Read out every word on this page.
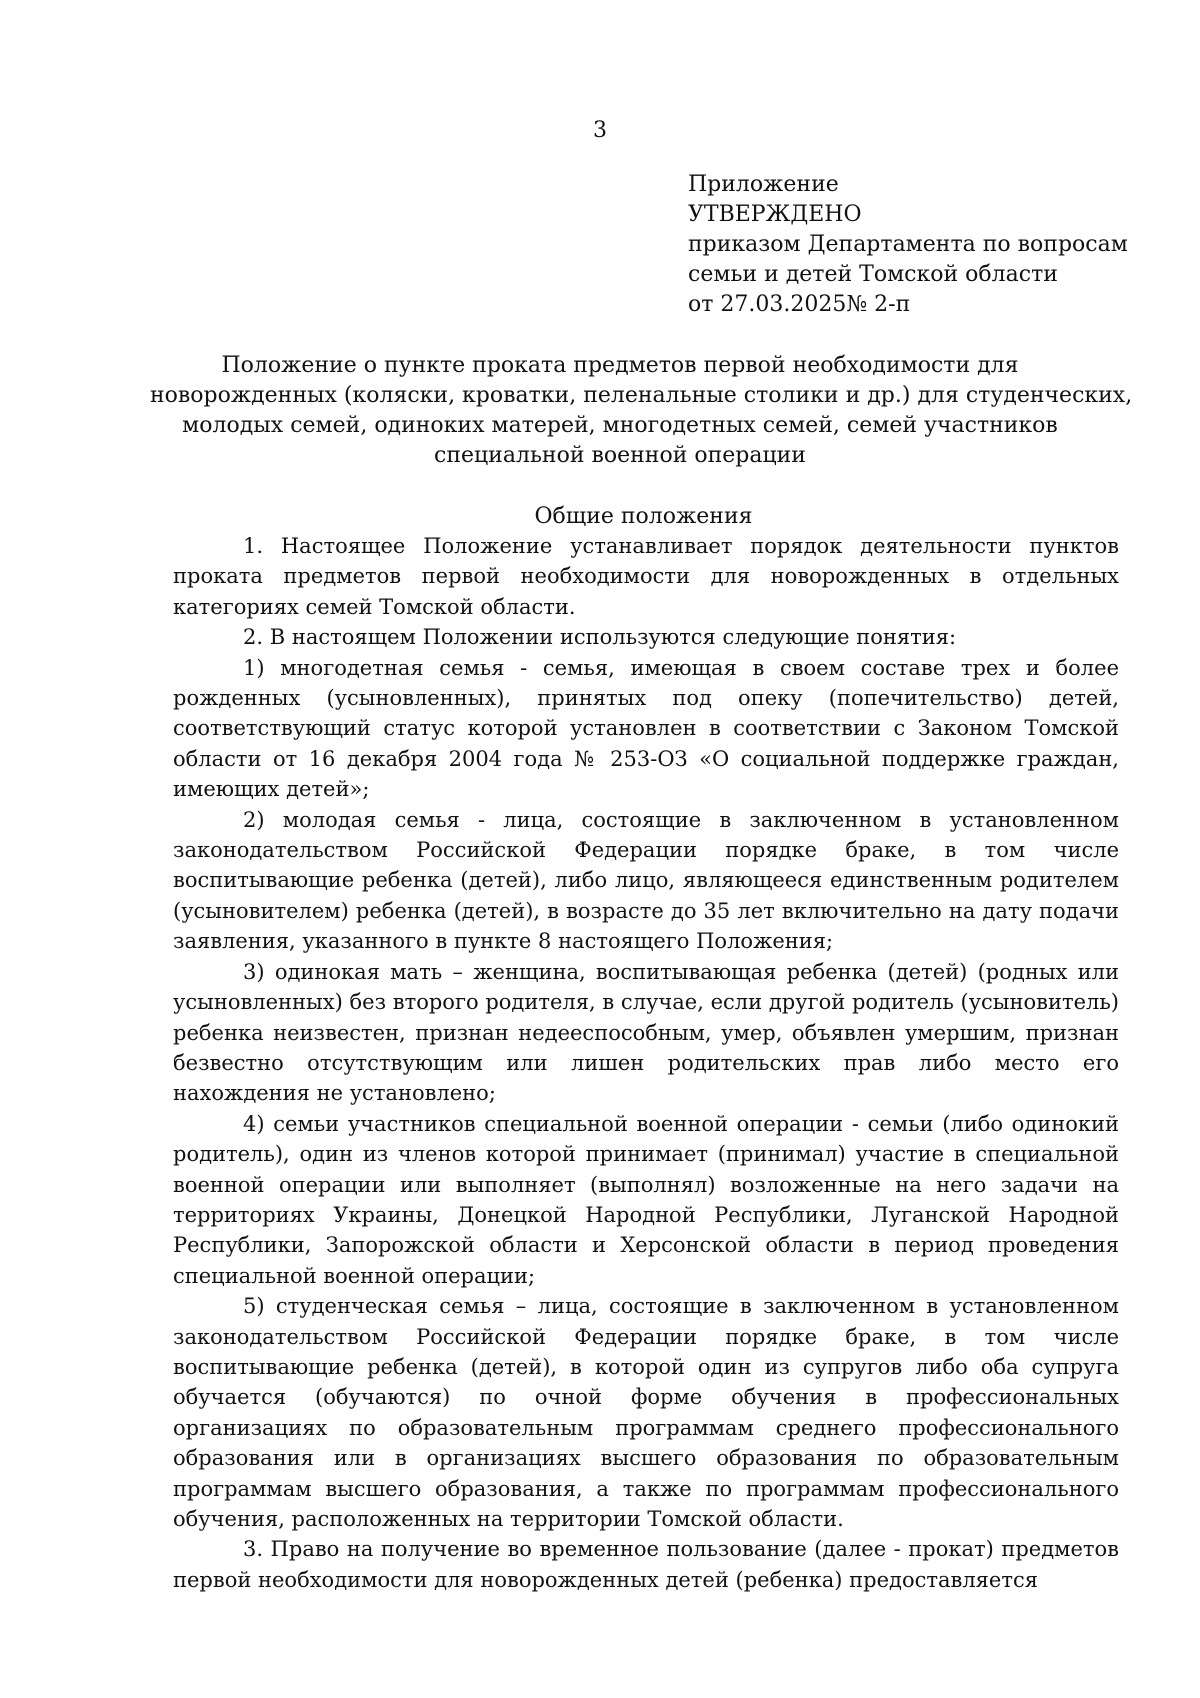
3
Приложение
УТВЕРЖДЕНО
приказом Департамента по вопросам
семьи и детей Томской области
от 27.03.2025№ 2-п
Положение о пункте проката предметов первой необходимости для
новорожденных (коляски, кроватки, пеленальные столики и др.) для студенческих,
молодых семей, одиноких матерей, многодетных семей, семей участников
специальной военной операции
Общие положения

1. Настоящее Положение устанавливает порядок деятельности пунктов проката предметов первой необходимости для новорожденных в отдельных категориях семей Томской области.

2. В настоящем Положении используются следующие понятия:

1) многодетная семья - семья, имеющая в своем составе трех и более рожденных (усыновленных), принятых под опеку (попечительство) детей, соответствующий статус которой установлен в соответствии с Законом Томской области от 16 декабря 2004 года № 253-ОЗ «О социальной поддержке граждан, имеющих детей»;

2) молодая семья - лица, состоящие в заключенном в установленном законодательством Российской Федерации порядке браке, в том числе воспитывающие ребенка (детей), либо лицо, являющееся единственным родителем (усыновителем) ребенка (детей), в возрасте до 35 лет включительно на дату подачи заявления, указанного в пункте 8 настоящего Положения;

3) одинокая мать – женщина, воспитывающая ребенка (детей) (родных или усыновленных) без второго родителя, в случае, если другой родитель (усыновитель) ребенка неизвестен, признан недееспособным, умер, объявлен умершим, признан безвестно отсутствующим или лишен родительских прав либо место его нахождения не установлено;

4) семьи участников специальной военной операции - семьи (либо одинокий родитель), один из членов которой принимает (принимал) участие в специальной военной операции или выполняет (выполнял) возложенные на него задачи на территориях Украины, Донецкой Народной Республики, Луганской Народной Республики, Запорожской области и Херсонской области в период проведения специальной военной операции;

5) студенческая семья – лица, состоящие в заключенном в установленном законодательством Российской Федерации порядке браке, в том числе воспитывающие ребенка (детей), в которой один из супругов либо оба супруга обучается (обучаются) по очной форме обучения в профессиональных организациях по образовательным программам среднего профессионального образования или в организациях высшего образования по образовательным программам высшего образования, а также по программам профессионального обучения, расположенных на территории Томской области.

3. Право на получение во временное пользование (далее - прокат) предметов первой необходимости для новорожденных детей (ребенка) предоставляется
